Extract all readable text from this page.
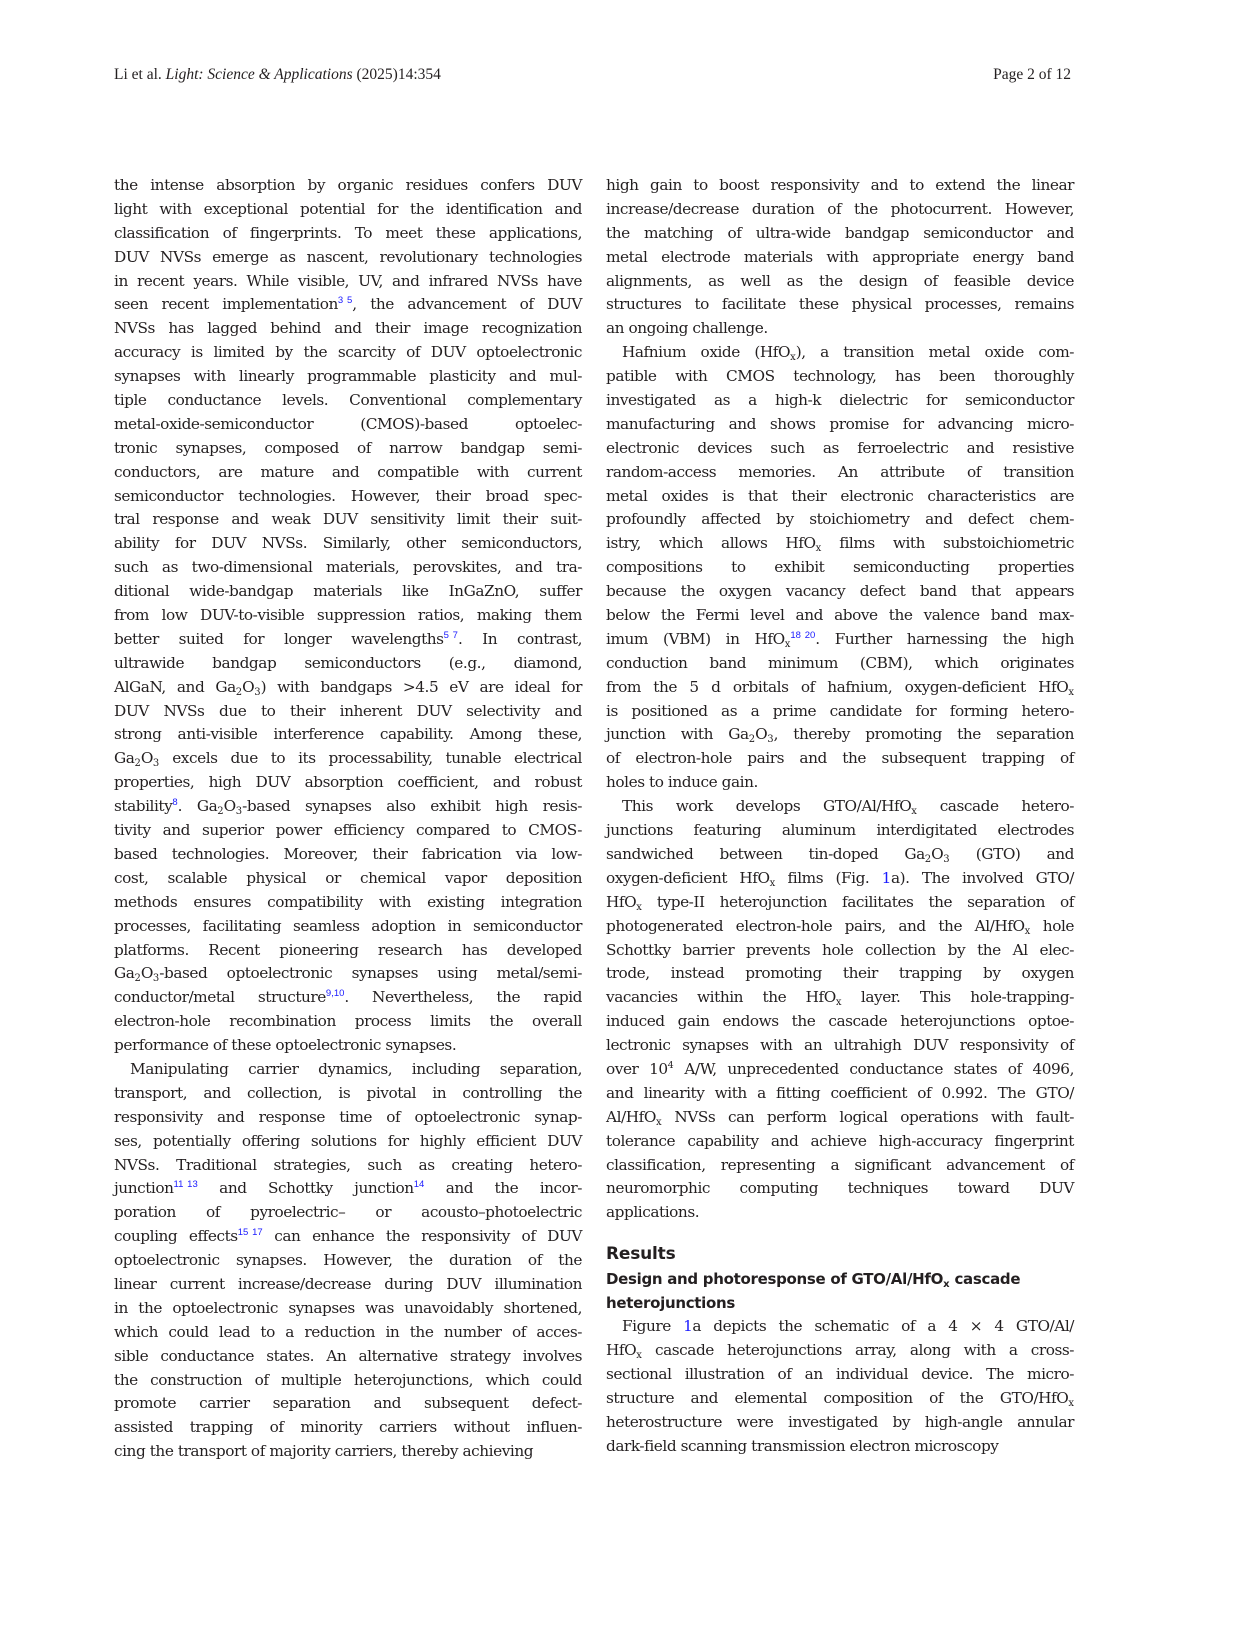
Li et al. Light: Science & Applications (2025)14:354	Page 2 of 12
the intense absorption by organic residues confers DUV
light with exceptional potential for the identification and
classification of fingerprints. To meet these applications,
DUV NVSs emerge as nascent, revolutionary technologies
in recent years. While visible, UV, and infrared NVSs have
seen recent implementation$^{3 5}$, the advancement of DUV
NVSs has lagged behind and their image recognization
accuracy is limited by the scarcity of DUV optoelectronic
synapses with linearly programmable plasticity and mul-
tiple conductance levels. Conventional complementary
metal-oxide-semiconductor (CMOS)-based optoelec-
tronic synapses, composed of narrow bandgap semi-
conductors, are mature and compatible with current
semiconductor technologies. However, their broad spec-
tral response and weak DUV sensitivity limit their suit-
ability for DUV NVSs. Similarly, other semiconductors,
such as two-dimensional materials, perovskites, and tra-
ditional wide-bandgap materials like InGaZnO, suffer
from low DUV-to-visible suppression ratios, making them
better suited for longer wavelengths$^{5 7}$. In contrast,
ultrawide bandgap semiconductors (e.g., diamond,
AlGaN, and $Ga_2O_3$) with bandgaps >4.5 eV are ideal for
DUV NVSs due to their inherent DUV selectivity and
strong anti-visible interference capability. Among these,
$Ga_2O_3$ excels due to its processability, tunable electrical
properties, high DUV absorption coefficient, and robust
stability$^8$. $Ga_2O_3$-based synapses also exhibit high resis-
tivity and superior power efficiency compared to CMOS-
based technologies. Moreover, their fabrication via low-
cost, scalable physical or chemical vapor deposition
methods ensures compatibility with existing integration
processes, facilitating seamless adoption in semiconductor
platforms. Recent pioneering research has developed
$Ga_2O_3$-based optoelectronic synapses using metal/semi-
conductor/metal structure$^{9,10}$. Nevertheless, the rapid
electron-hole recombination process limits the overall
performance of these optoelectronic synapses.
Manipulating carrier dynamics, including separation,
transport, and collection, is pivotal in controlling the
responsivity and response time of optoelectronic synap-
ses, potentially offering solutions for highly efficient DUV
NVSs. Traditional strategies, such as creating hetero-
junction$^{11 13}$ and Schottky junction$^{14}$ and the incor-
poration of pyroelectric– or acousto–photoelectric
coupling effects$^{15 17}$ can enhance the responsivity of DUV
optoelectronic synapses. However, the duration of the
linear current increase/decrease during DUV illumination
in the optoelectronic synapses was unavoidably shortened,
which could lead to a reduction in the number of acces-
sible conductance states. An alternative strategy involves
the construction of multiple heterojunctions, which could
promote carrier separation and subsequent defect-
assisted trapping of minority carriers without influen-
cing the transport of majority carriers, thereby achieving
high gain to boost responsivity and to extend the linear
increase/decrease duration of the photocurrent. However,
the matching of ultra-wide bandgap semiconductor and
metal electrode materials with appropriate energy band
alignments, as well as the design of feasible device
structures to facilitate these physical processes, remains
an ongoing challenge.
Hafnium oxide (HfO$_x$), a transition metal oxide com-
patible with CMOS technology, has been thoroughly
investigated as a high-k dielectric for semiconductor
manufacturing and shows promise for advancing micro-
electronic devices such as ferroelectric and resistive
random-access memories. An attribute of transition
metal oxides is that their electronic characteristics are
profoundly affected by stoichiometry and defect chem-
istry, which allows HfO$_x$ films with substoichiometric
compositions to exhibit semiconducting properties
because the oxygen vacancy defect band that appears
below the Fermi level and above the valence band max-
imum (VBM) in HfO$_x^{18 20}$. Further harnessing the high
conduction band minimum (CBM), which originates
from the 5 d orbitals of hafnium, oxygen-deficient HfO$_x$
is positioned as a prime candidate for forming hetero-
junction with $Ga_2O_3$, thereby promoting the separation
of electron-hole pairs and the subsequent trapping of
holes to induce gain.
This work develops GTO/Al/HfO$_x$ cascade hetero-
junctions featuring aluminum interdigitated electrodes
sandwiched between tin-doped $Ga_2O_3$ (GTO) and
oxygen-deficient HfO$_x$ films (Fig. 1a). The involved GTO/
HfO$_x$ type-II heterojunction facilitates the separation of
photogenerated electron-hole pairs, and the Al/HfO$_x$ hole
Schottky barrier prevents hole collection by the Al elec-
trode, instead promoting their trapping by oxygen
vacancies within the HfO$_x$ layer. This hole-trapping-
induced gain endows the cascade heterojunctions optoe-
lectronic synapses with an ultrahigh DUV responsivity of
over $10^4$ A/W, unprecedented conductance states of 4096,
and linearity with a fitting coefficient of 0.992. The GTO/
Al/HfO$_x$ NVSs can perform logical operations with fault-
tolerance capability and achieve high-accuracy fingerprint
classification, representing a significant advancement of
neuromorphic computing techniques toward DUV
applications.
Results
Design and photoresponse of GTO/Al/HfO$_x$ cascade
heterojunctions
Figure 1a depicts the schematic of a 4 × 4 GTO/Al/
HfO$_x$ cascade heterojunctions array, along with a cross-
sectional illustration of an individual device. The micro-
structure and elemental composition of the GTO/HfO$_x$
heterostructure were investigated by high-angle annular
dark-field scanning transmission electron microscopy
